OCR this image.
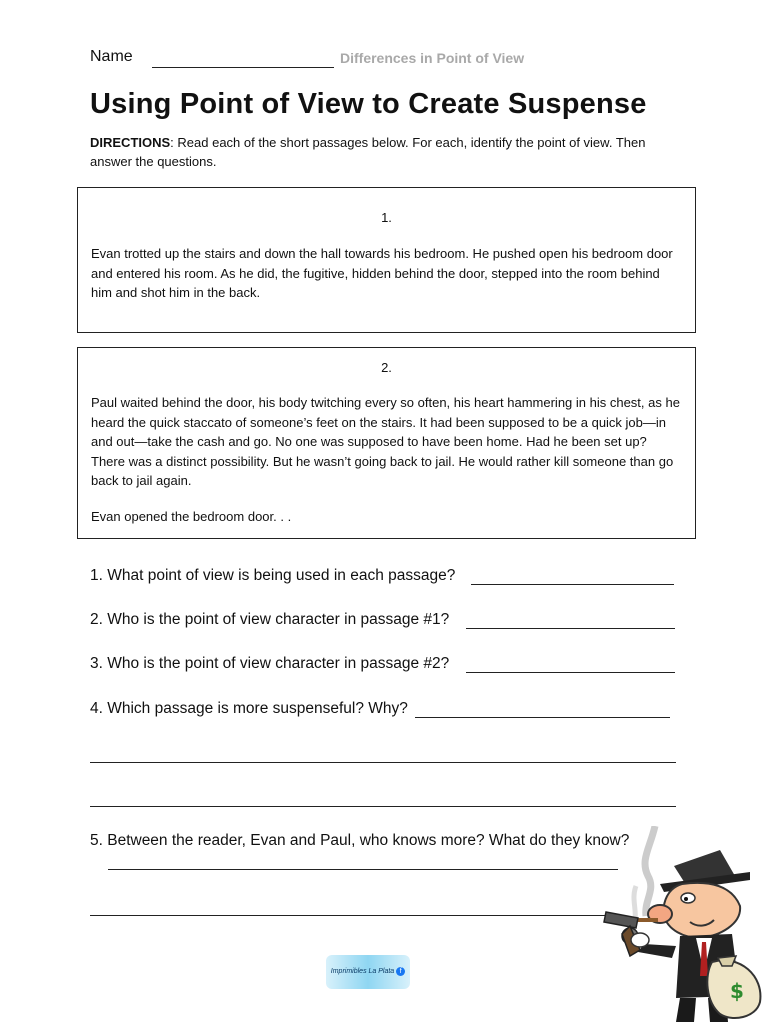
Name	Differences in Point of View
Using Point of View to Create Suspense
DIRECTIONS: Read each of the short passages below. For each, identify the point of view. Then answer the questions.
1.
Evan trotted up the stairs and down the hall towards his bedroom. He pushed open his bedroom door and entered his room. As he did, the fugitive, hidden behind the door, stepped into the room behind him and shot him in the back.
2.
Paul waited behind the door, his body twitching every so often, his heart hammering in his chest, as he heard the quick staccato of someone’s feet on the stairs. It had been supposed to be a quick job—in and out—take the cash and go. No one was supposed to have been home. Had he been set up? There was a distinct possibility. But he wasn’t going back to jail. He would rather kill someone than go back to jail again.
Evan opened the bedroom door. . .
1. What point of view is being used in each passage?
2. Who is the point of view character in passage #1?
3. Who is the point of view character in passage #2?
4. Which passage is more suspenseful? Why?
5. Between the reader, Evan and Paul, who knows more? What do they know?
Imprimibles La Plata f
$
